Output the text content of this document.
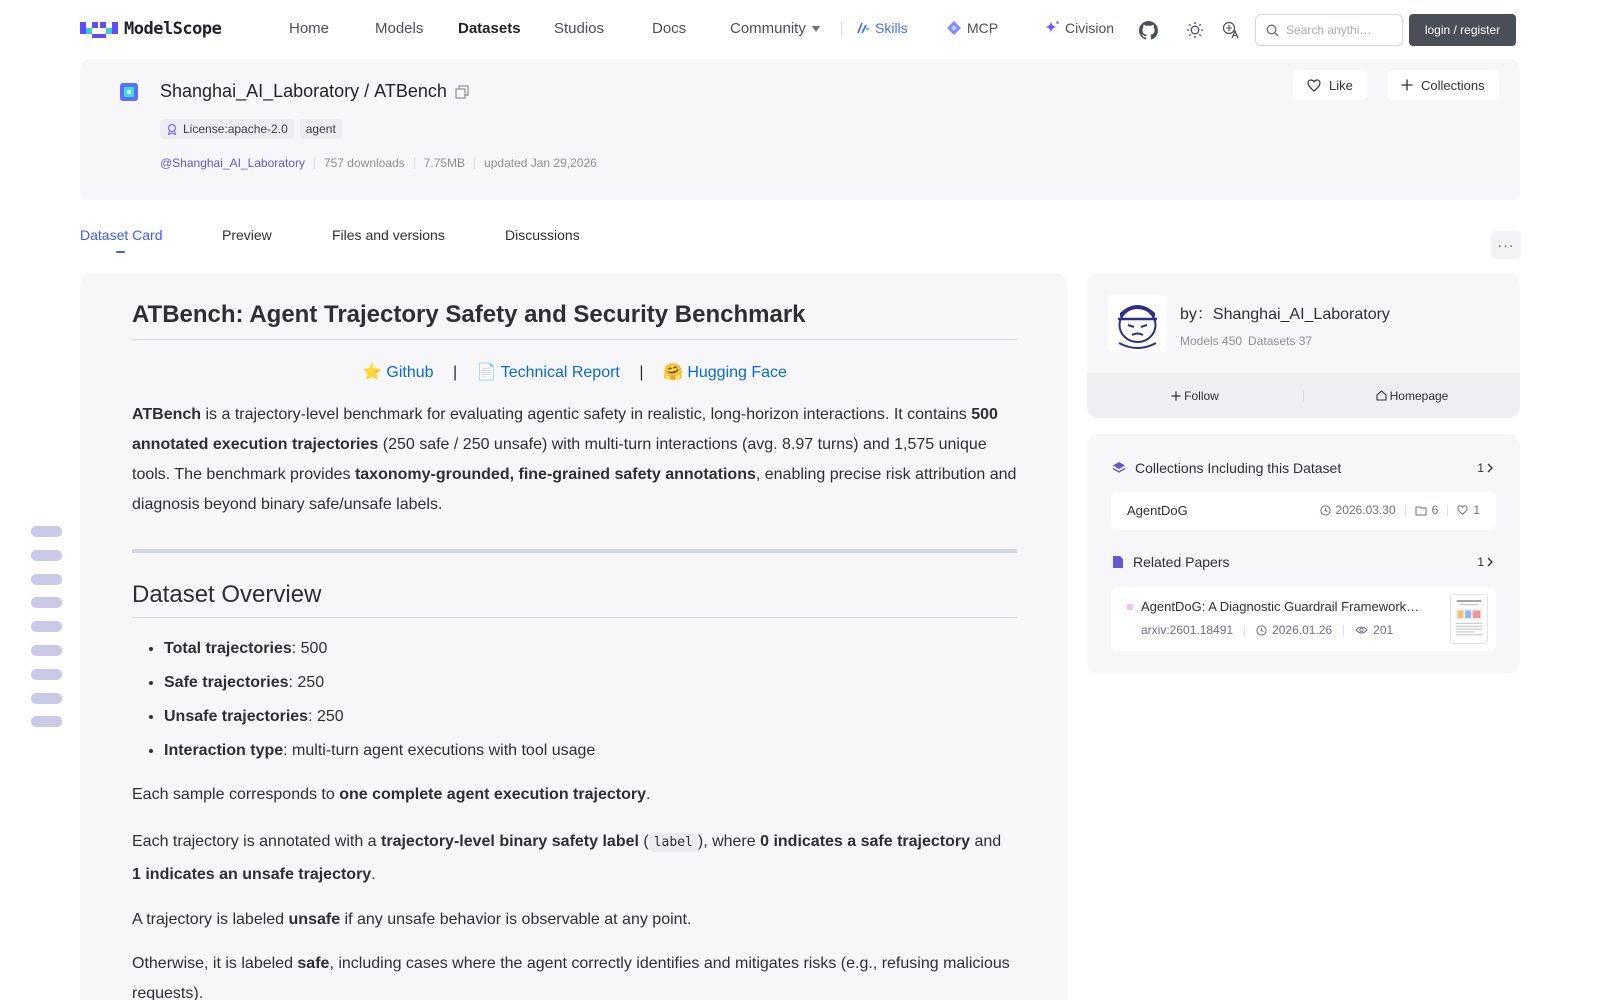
ModelScope	Home	Models Datasets Studios	Docs	Community	Skills	MCP	Civision
Search anythi…	login / register
Shanghai_AI_Laboratory / ATBench
License:apache-2.0	agent
@Shanghai_AI_Laboratory 757 downloads 7.75MB updated Jan 29,2026
Like	Collections
Dataset Card	Preview	Files and versions	Discussions
···
ATBench: Agent Trajectory Safety and Security Benchmark
⭐ Github | 📄 Technical Report | 🤗 Hugging Face

ATBench is a trajectory-level benchmark for evaluating agentic safety in realistic, long-horizon interactions. It contains 500 annotated execution trajectories (250 safe / 250 unsafe) with multi-turn interactions (avg. 8.97 turns) and 1,575 unique tools. The benchmark provides taxonomy-grounded, fine-grained safety annotations, enabling precise risk attribution and diagnosis beyond binary safe/unsafe labels.

Dataset Overview
• Total trajectories: 500
• Safe trajectories: 250
• Unsafe trajectories: 250
• Interaction type: multi-turn agent executions with tool usage

Each sample corresponds to one complete agent execution trajectory.

Each trajectory is annotated with a trajectory-level binary safety label ( label ), where 0 indicates a safe trajectory and
1 indicates an unsafe trajectory.

A trajectory is labeled unsafe if any unsafe behavior is observable at any point.

Otherwise, it is labeled safe, including cases where the agent correctly identifies and mitigates risks (e.g., refusing malicious requests).

by：Shanghai_AI_Laboratory
Models 450 Datasets 37
Follow	Homepage
Collections Including this Dataset	1
AgentDoG	2026.03.30	6	1
Related Papers	1
AgentDoG: A Diagnostic Guardrail Framework…
arxiv:2601.18491	2026.01.26	201
